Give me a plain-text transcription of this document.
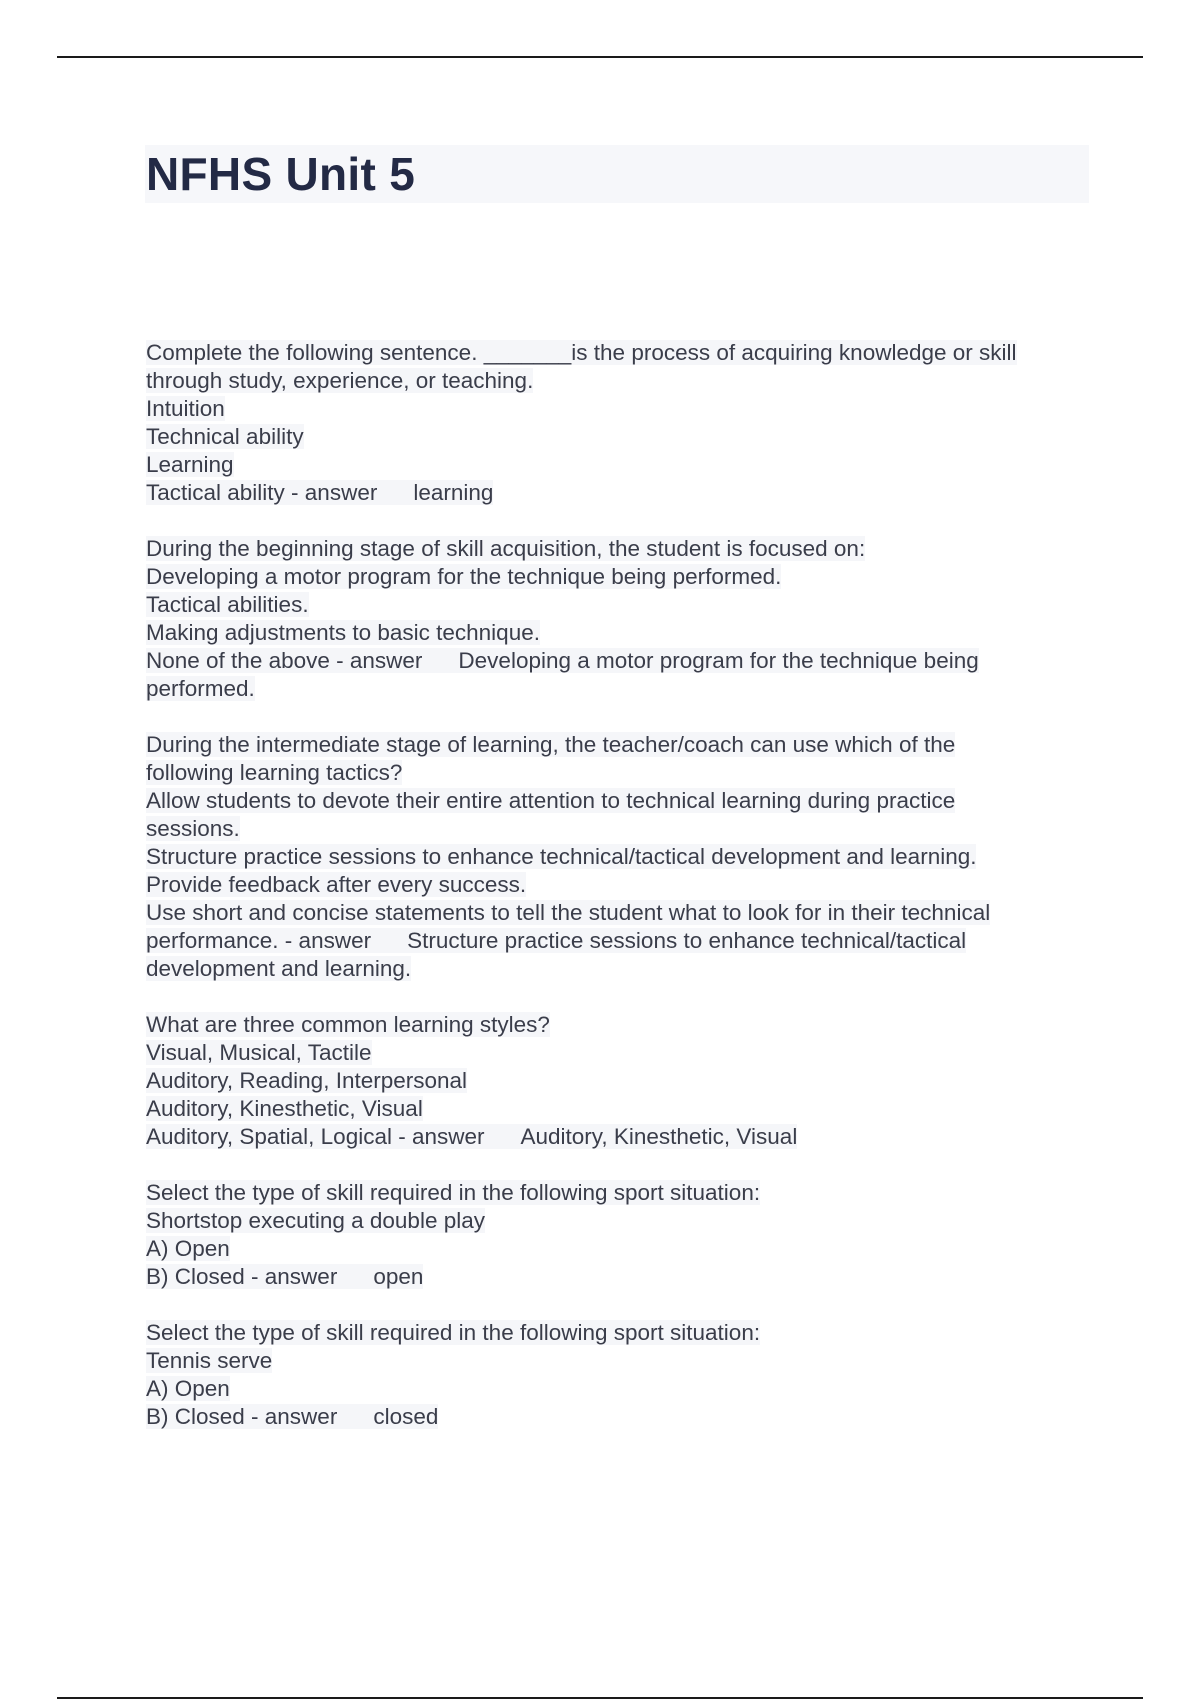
NFHS Unit 5
Complete the following sentence. _______is the process of acquiring knowledge or skill
through study, experience, or teaching.
Intuition
Technical ability
Learning
Tactical ability - answer learning
During the beginning stage of skill acquisition, the student is focused on:
Developing a motor program for the technique being performed.
Tactical abilities.
Making adjustments to basic technique.
None of the above - answer Developing a motor program for the technique being
performed.
During the intermediate stage of learning, the teacher/coach can use which of the
following learning tactics?
Allow students to devote their entire attention to technical learning during practice
sessions.
Structure practice sessions to enhance technical/tactical development and learning.
Provide feedback after every success.
Use short and concise statements to tell the student what to look for in their technical
performance. - answer Structure practice sessions to enhance technical/tactical
development and learning.
What are three common learning styles?
Visual, Musical, Tactile
Auditory, Reading, Interpersonal
Auditory, Kinesthetic, Visual
Auditory, Spatial, Logical - answer Auditory, Kinesthetic, Visual
Select the type of skill required in the following sport situation:
Shortstop executing a double play
A) Open
B) Closed - answer open
Select the type of skill required in the following sport situation:
Tennis serve
A) Open
B) Closed - answer closed
